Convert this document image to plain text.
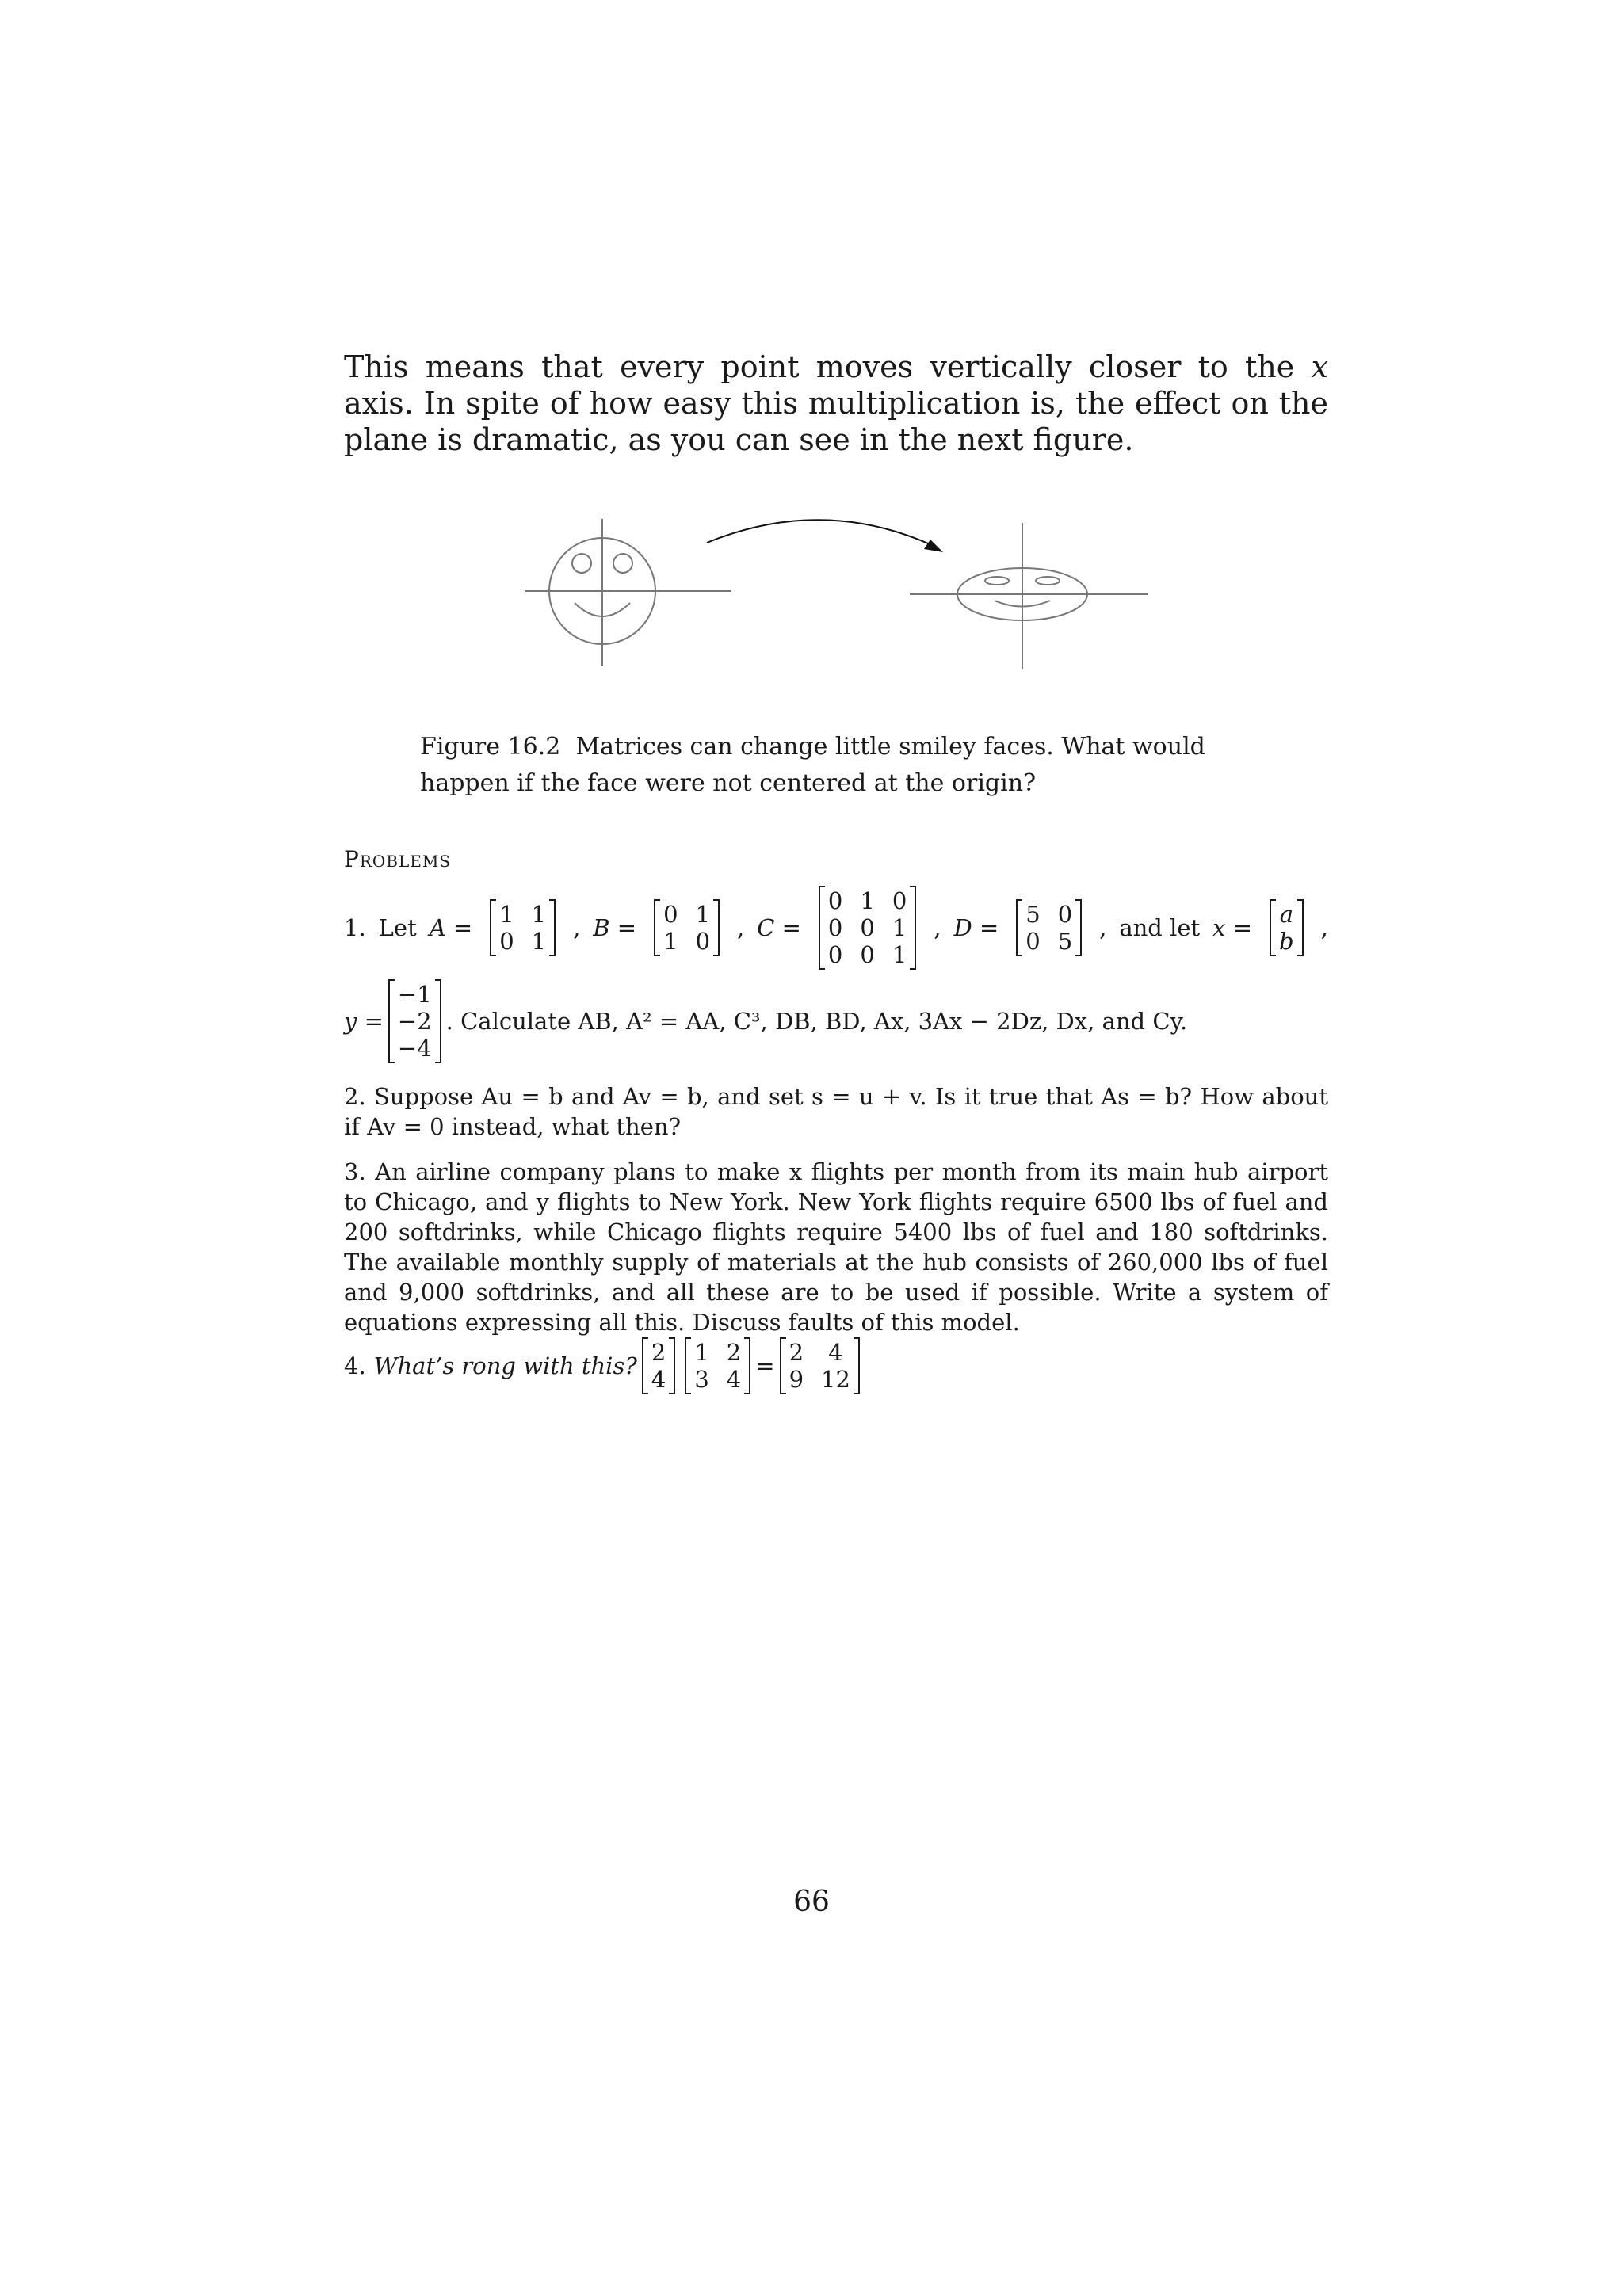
This means that every point moves vertically closer to the x axis. In spite of how easy this multiplication is, the effect on the plane is dramatic, as you can see in the next figure.

Figure 16.2 Matrices can change little smiley faces. What would happen if the face were not centered at the origin?
Problems
1. Let A = 1 1
0 1 , B = 0 1
1 0 , C =
0 1 0
0 0 1
0 0 1
, D = 5 0
0 5 , and let x = a
b ,
y =
−1
−2
−4
. Calculate AB, A² = AA, C³, DB, BD, Ax, 3Ax − 2Dz, Dx, and Cy.

2. Suppose Au = b and Av = b, and set s = u + v. Is it true that As = b? How about if Av = 0 instead, what then?

3. An airline company plans to make x flights per month from its main hub airport to Chicago, and y flights to New York. New York flights require 6500 lbs of fuel and 200 softdrinks, while Chicago flights require 5400 lbs of fuel and 180 softdrinks. The available monthly supply of materials at the hub consists of 260,000 lbs of fuel and 9,000 softdrinks, and all these are to be used if possible. Write a system of equations expressing all this. Discuss faults of this model.

4. What’s rong with this? 2
4
1 2
3 4 = 2	4
9 12
66
